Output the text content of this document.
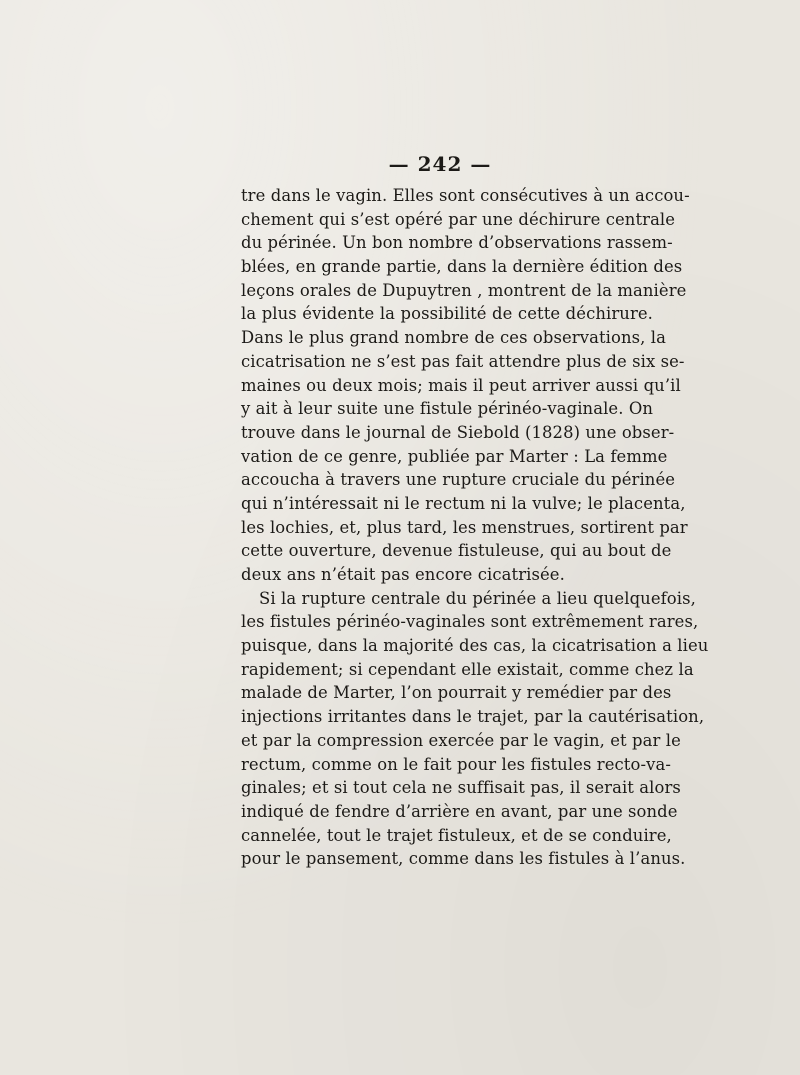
— 242 —
tre dans le vagin. Elles sont consécutives à un accou-
chement qui s’est opéré par une déchirure centrale
du périnée. Un bon nombre d’observations rassem-
blées, en grande partie, dans la dernière édition des
leçons orales de Dupuytren , montrent de la manière
la plus évidente la possibilité de cette déchirure.
Dans le plus grand nombre de ces observations, la
cicatrisation ne s’est pas fait attendre plus de six se-
maines ou deux mois; mais il peut arriver aussi qu’il
y ait à leur suite une fistule périnéo-vaginale. On
trouve dans le journal de Siebold (1828) une obser-
vation de ce genre, publiée par Marter : La femme
accoucha à travers une rupture cruciale du périnée
qui n’intéressait ni le rectum ni la vulve; le placenta,
les lochies, et, plus tard, les menstrues, sortirent par
cette ouverture, devenue fistuleuse, qui au bout de
deux ans n’était pas encore cicatrisée.
Si la rupture centrale du périnée a lieu quelquefois,
les fistules périnéo-vaginales sont extrêmement rares,
puisque, dans la majorité des cas, la cicatrisation a lieu
rapidement; si cependant elle existait, comme chez la
malade de Marter, l’on pourrait y remédier par des
injections irritantes dans le trajet, par la cautérisation,
et par la compression exercée par le vagin, et par le
rectum, comme on le fait pour les fistules recto-va-
ginales; et si tout cela ne suffisait pas, il serait alors
indiqué de fendre d’arrière en avant, par une sonde
cannelée, tout le trajet fistuleux, et de se conduire,
pour le pansement, comme dans les fistules à l’anus.
